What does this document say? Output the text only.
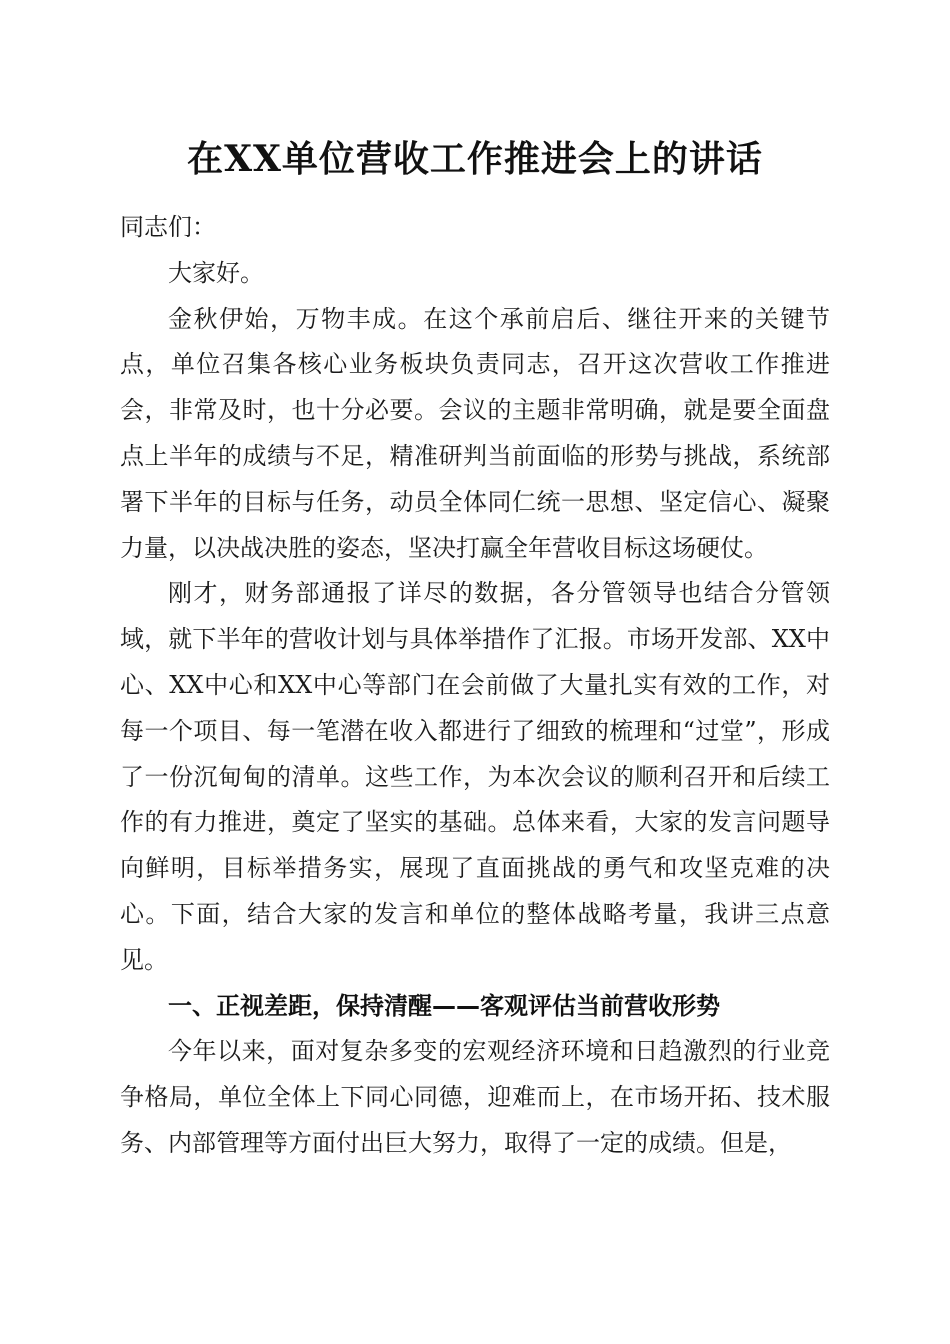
在XX单位营收工作推进会上的讲话

同志们：

大家好。

金秋伊始，万物丰成。在这个承前启后、继往开来的关键节点，单位召集各核心业务板块负责同志，召开这次营收工作推进会，非常及时，也十分必要。会议的主题非常明确，就是要全面盘点上半年的成绩与不足，精准研判当前面临的形势与挑战，系统部署下半年的目标与任务，动员全体同仁统一思想、坚定信心、凝聚力量，以决战决胜的姿态，坚决打赢全年营收目标这场硬仗。

刚才，财务部通报了详尽的数据，各分管领导也结合分管领域，就下半年的营收计划与具体举措作了汇报。市场开发部、XX中心、XX中心和XX中心等部门在会前做了大量扎实有效的工作，对每一个项目、每一笔潜在收入都进行了细致的梳理和“过堂”，形成了一份沉甸甸的清单。这些工作，为本次会议的顺利召开和后续工作的有力推进，奠定了坚实的基础。总体来看，大家的发言问题导向鲜明，目标举措务实，展现了直面挑战的勇气和攻坚克难的决心。下面，结合大家的发言和单位的整体战略考量，我讲三点意见。

一、正视差距，保持清醒——客观评估当前营收形势

今年以来，面对复杂多变的宏观经济环境和日趋激烈的行业竞争格局，单位全体上下同心同德，迎难而上，在市场开拓、技术服务、内部管理等方面付出巨大努力，取得了一定的成绩。但是，
